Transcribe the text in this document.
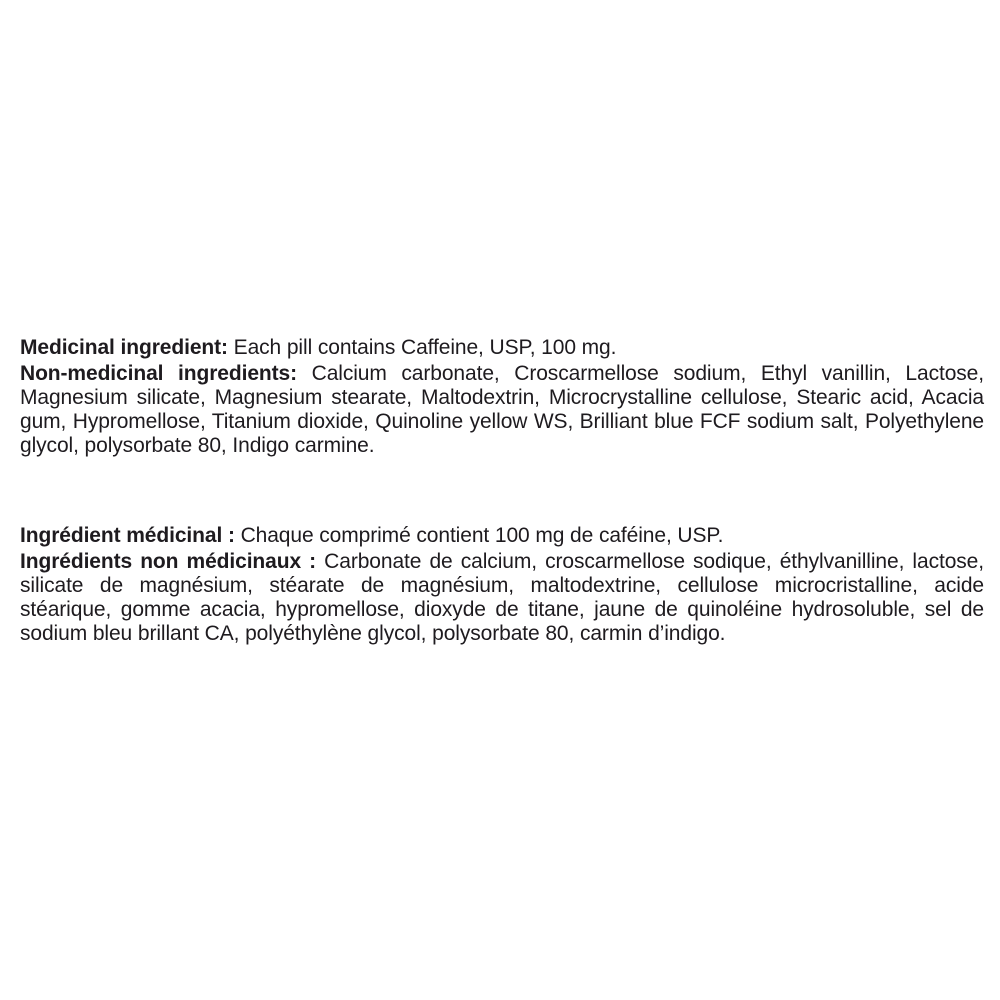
Medicinal ingredient: Each pill contains Caffeine, USP, 100 mg.

Non-medicinal ingredients: Calcium carbonate, Croscarmellose sodium, Ethyl vanillin, Lactose, Magnesium silicate, Magnesium stearate, Maltodextrin, Microcrystalline cellulose, Stearic acid, Acacia gum, Hypromellose, Titanium dioxide, Quinoline yellow WS, Brilliant blue FCF sodium salt, Polyethylene glycol, polysorbate 80, Indigo carmine.

Ingrédient médicinal : Chaque comprimé contient 100 mg de caféine, USP.

Ingrédients non médicinaux : Carbonate de calcium, croscarmellose sodique, éthylvanilline, lactose, silicate de magnésium, stéarate de magnésium, maltodextrine, cellulose microcristalline, acide stéarique, gomme acacia, hypromellose, dioxyde de titane, jaune de quinoléine hydrosoluble, sel de sodium bleu brillant CA, polyéthylène glycol, polysorbate 80, carmin d’indigo.
